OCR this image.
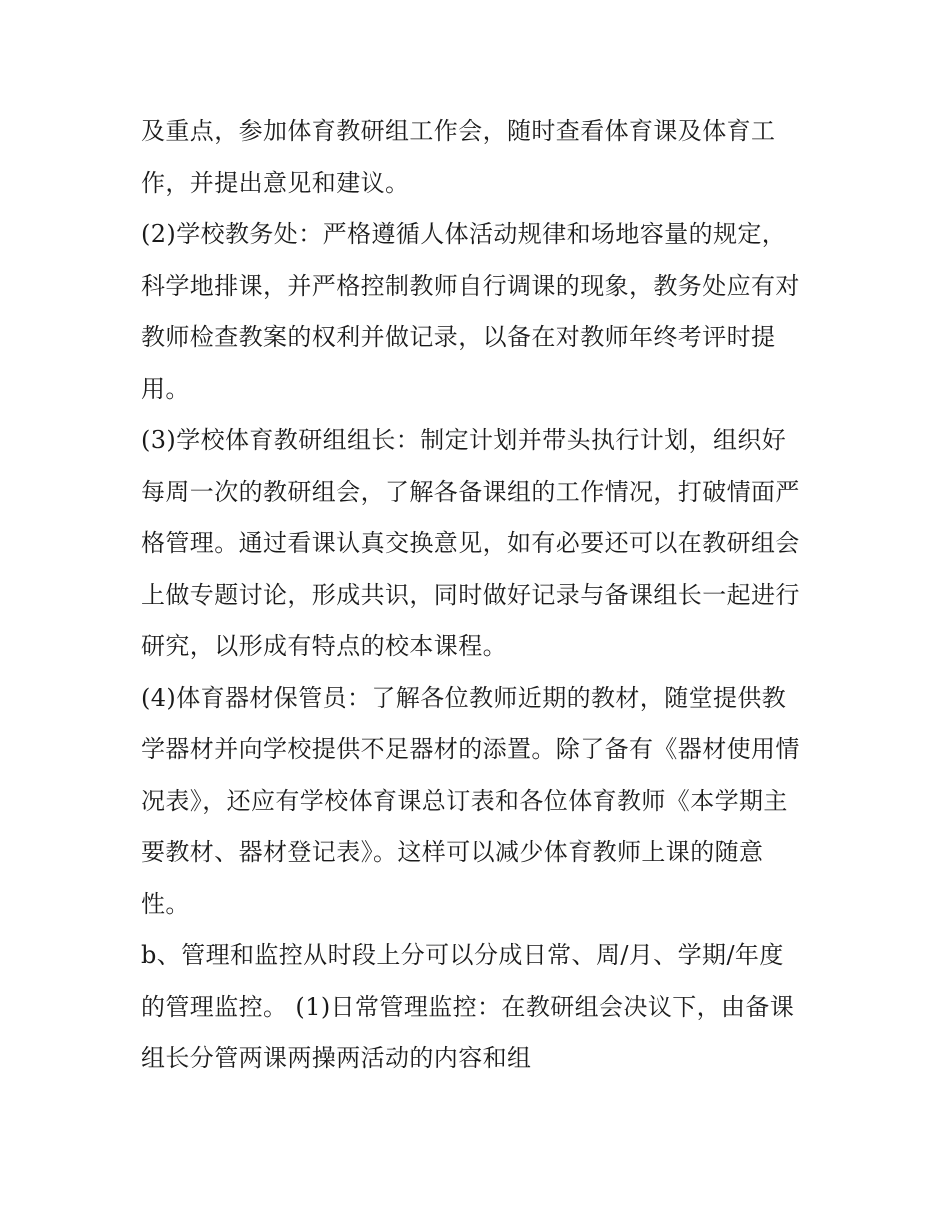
及重点，参加体育教研组工作会，随时查看体育课及体育工
作，并提出意见和建议。
(2)学校教务处：严格遵循人体活动规律和场地容量的规定，
科学地排课，并严格控制教师自行调课的现象，教务处应有对
教师检查教案的权利并做记录，以备在对教师年终考评时提
用。
(3)学校体育教研组组长：制定计划并带头执行计划，组织好
每周一次的教研组会，了解各备课组的工作情况，打破情面严
格管理。通过看课认真交换意见，如有必要还可以在教研组会
上做专题讨论，形成共识，同时做好记录与备课组长一起进行
研究，以形成有特点的校本课程。
(4)体育器材保管员：了解各位教师近期的教材，随堂提供教
学器材并向学校提供不足器材的添置。除了备有《器材使用情
况表》，还应有学校体育课总订表和各位体育教师《本学期主
要教材、器材登记表》。这样可以减少体育教师上课的随意
性。
b、管理和监控从时段上分可以分成日常、周/月、学期/年度
的管理监控。 (1)日常管理监控：在教研组会决议下，由备课
组长分管两课两操两活动的内容和组
